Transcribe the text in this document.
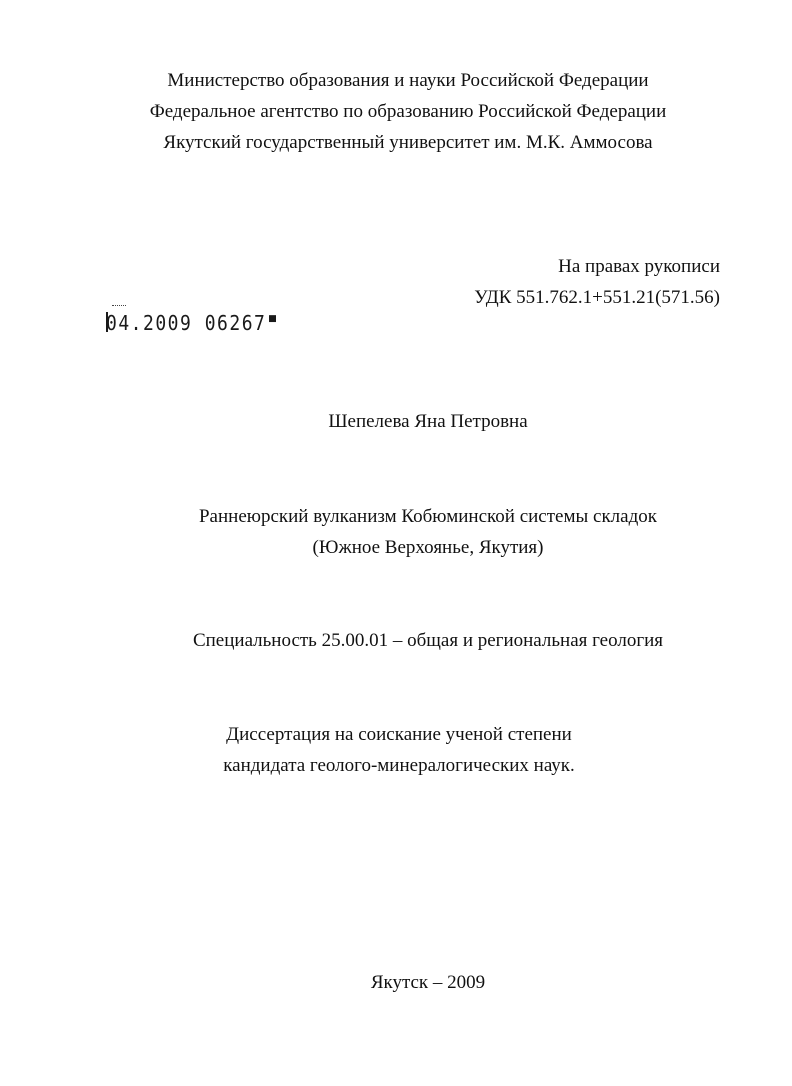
Министерство образования и науки Российской Федерации
Федеральное агентство по образованию Российской Федерации
Якутский государственный университет им. М.К. Аммосова
На правах рукописи
УДК 551.762.1+551.21(571.56)
04.2009 06267
Шепелева Яна Петровна
Раннеюрский вулканизм Кобюминской системы складок
(Южное Верхоянье, Якутия)
Специальность 25.00.01 – общая и региональная геология
Диссертация на соискание ученой степени
кандидата геолого-минералогических наук.
Якутск – 2009
